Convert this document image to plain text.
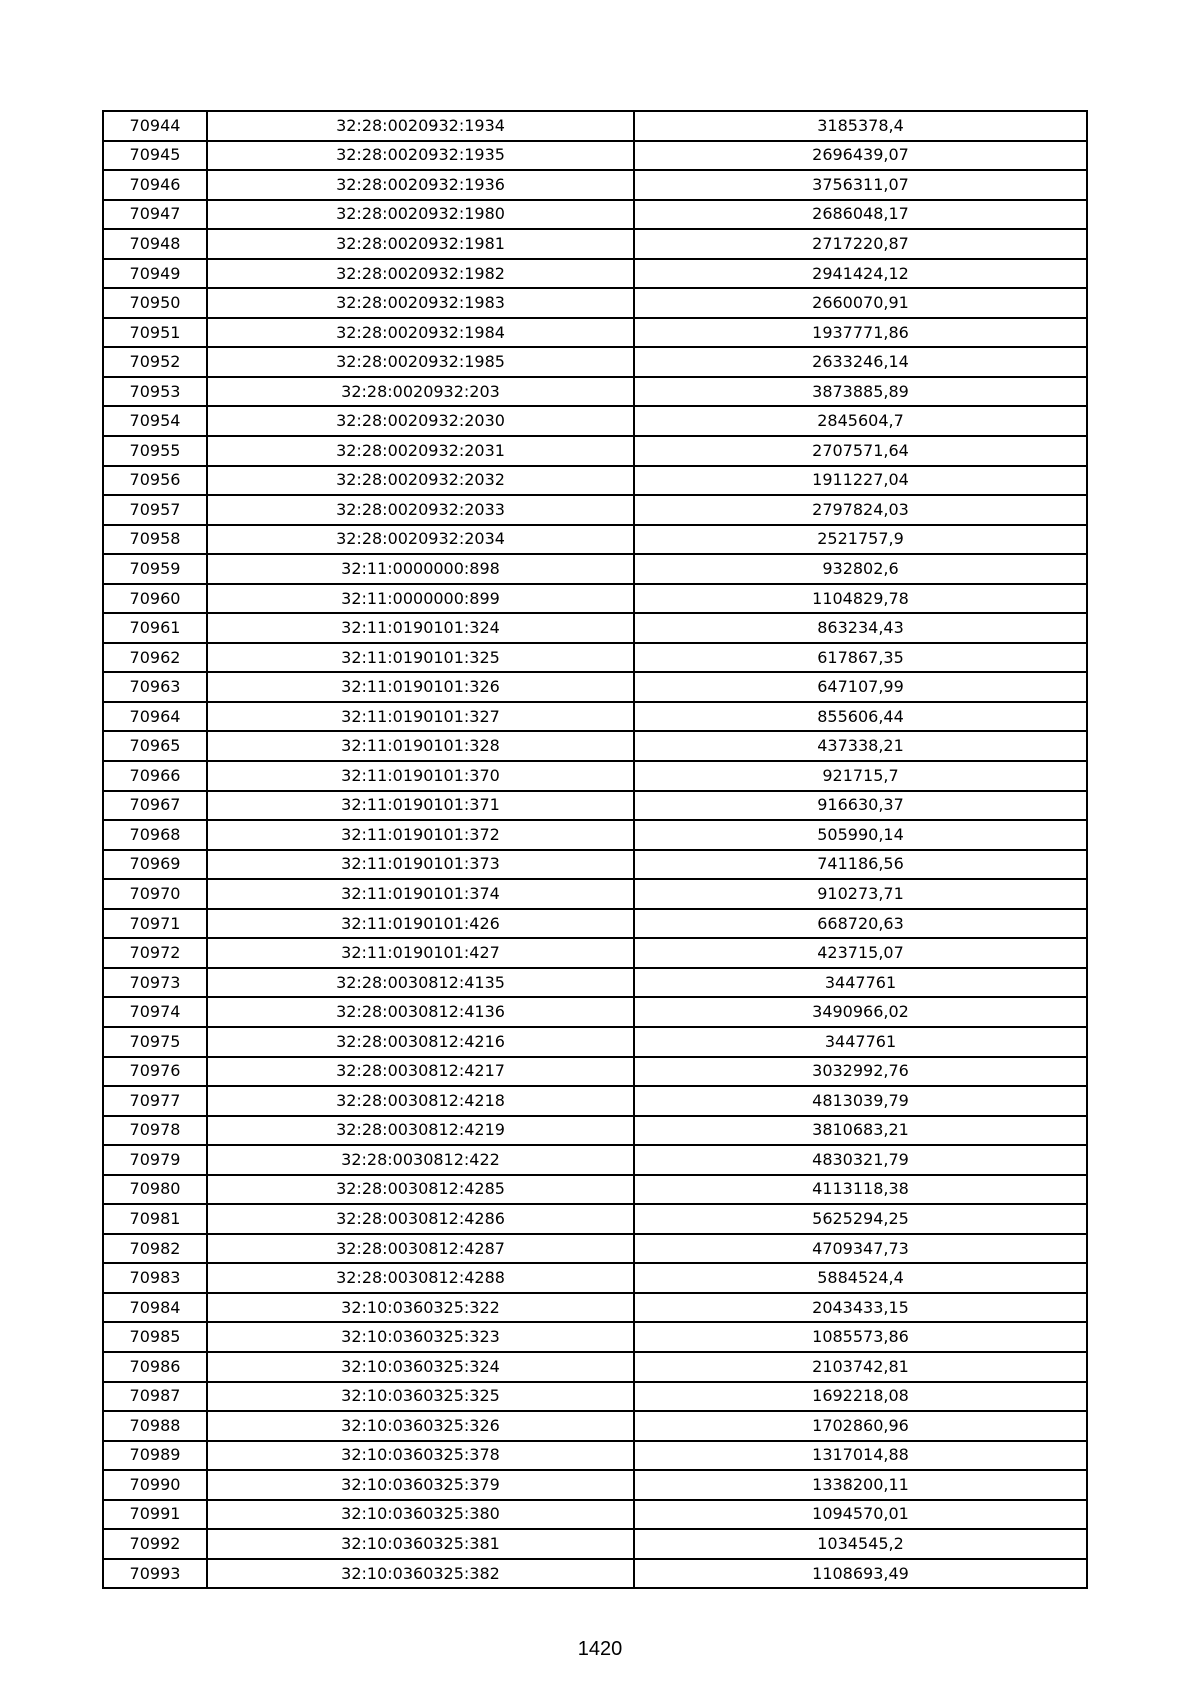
70944	32:28:0020932:1934	3185378,4
70945	32:28:0020932:1935	2696439,07
70946	32:28:0020932:1936	3756311,07
70947	32:28:0020932:1980	2686048,17
70948	32:28:0020932:1981	2717220,87
70949	32:28:0020932:1982	2941424,12
70950	32:28:0020932:1983	2660070,91
70951	32:28:0020932:1984	1937771,86
70952	32:28:0020932:1985	2633246,14
70953	32:28:0020932:203	3873885,89
70954	32:28:0020932:2030	2845604,7
70955	32:28:0020932:2031	2707571,64
70956	32:28:0020932:2032	1911227,04
70957	32:28:0020932:2033	2797824,03
70958	32:28:0020932:2034	2521757,9
70959	32:11:0000000:898	932802,6
70960	32:11:0000000:899	1104829,78
70961	32:11:0190101:324	863234,43
70962	32:11:0190101:325	617867,35
70963	32:11:0190101:326	647107,99
70964	32:11:0190101:327	855606,44
70965	32:11:0190101:328	437338,21
70966	32:11:0190101:370	921715,7
70967	32:11:0190101:371	916630,37
70968	32:11:0190101:372	505990,14
70969	32:11:0190101:373	741186,56
70970	32:11:0190101:374	910273,71
70971	32:11:0190101:426	668720,63
70972	32:11:0190101:427	423715,07
70973	32:28:0030812:4135	3447761
70974	32:28:0030812:4136	3490966,02
70975	32:28:0030812:4216	3447761
70976	32:28:0030812:4217	3032992,76
70977	32:28:0030812:4218	4813039,79
70978	32:28:0030812:4219	3810683,21
70979	32:28:0030812:422	4830321,79
70980	32:28:0030812:4285	4113118,38
70981	32:28:0030812:4286	5625294,25
70982	32:28:0030812:4287	4709347,73
70983	32:28:0030812:4288	5884524,4
70984	32:10:0360325:322	2043433,15
70985	32:10:0360325:323	1085573,86
70986	32:10:0360325:324	2103742,81
70987	32:10:0360325:325	1692218,08
70988	32:10:0360325:326	1702860,96
70989	32:10:0360325:378	1317014,88
70990	32:10:0360325:379	1338200,11
70991	32:10:0360325:380	1094570,01
70992	32:10:0360325:381	1034545,2
70993	32:10:0360325:382	1108693,49
1420
